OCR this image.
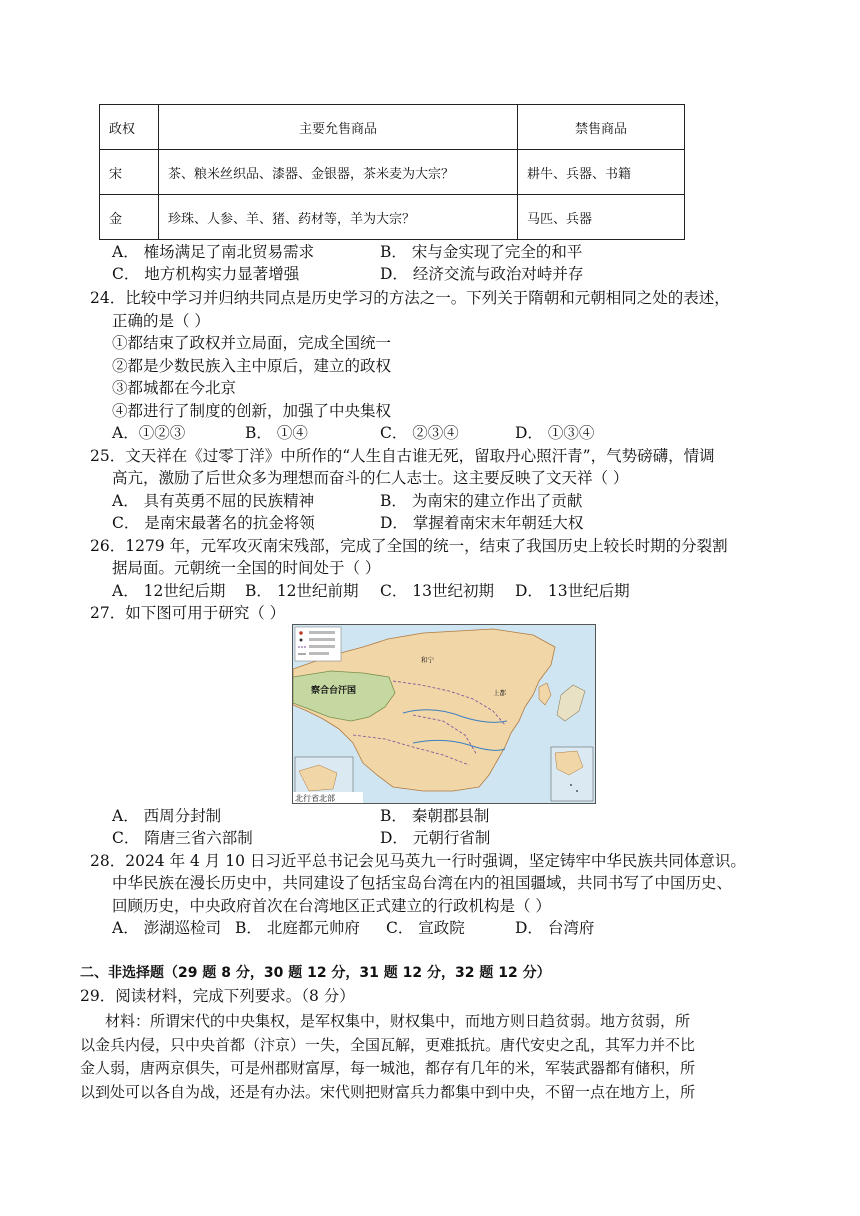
政权	主要允售商品	禁售商品
宋	茶、粮米丝织品、漆器、金银器，茶米麦为大宗？	耕牛、兵器、书籍
金	珍珠、人参、羊、猪、药材等，羊为大宗？	马匹、兵器
A． 榷场满足了南北贸易需求	B． 宋与金实现了完全的和平
C． 地方机构实力显著增强	D． 经济交流与政治对峙并存
24．比较中学习并归纳共同点是历史学习的方法之一。下列关于隋朝和元朝相同之处的表述，
正确的是（ ）
①都结束了政权并立局面，完成全国统一
②都是少数民族入主中原后，建立的政权
③都城都在今北京
④都进行了制度的创新，加强了中央集权
A．①②③	B． ①④	C． ②③④	D． ①③④
25．文天祥在《过零丁洋》中所作的“人生自古谁无死，留取丹心照汗青”，气势磅礴，情调
高亢，激励了后世众多为理想而奋斗的仁人志士。这主要反映了文天祥（ ）
A． 具有英勇不屈的民族精神	B． 为南宋的建立作出了贡献
C． 是南宋最著名的抗金将领	D． 掌握着南宋末年朝廷大权
26．1279 年，元军攻灭南宋残部，完成了全国的统一，结束了我国历史上较长时期的分裂割
据局面。元朝统一全国的时间处于（ ）
A． 12世纪后期 B． 12世纪前期 C． 13世纪初期 D． 13世纪后期
27．如下图可用于研究（ ）
察合台汗国	上都
和宁
北行省北部
A． 西周分封制	B． 秦朝郡县制
C． 隋唐三省六部制	D． 元朝行省制
28．2024 年 4 月 10 日习近平总书记会见马英九一行时强调，坚定铸牢中华民族共同体意识。
中华民族在漫长历史中，共同建设了包括宝岛台湾在内的祖国疆域，共同书写了中国历史、
回顾历史，中央政府首次在台湾地区正式建立的行政机构是（ ）
A． 澎湖巡检司 B． 北庭都元帅府 C． 宣政院	D． 台湾府
二、非选择题（29 题 8 分，30 题 12 分，31 题 12 分，32 题 12 分）
29．阅读材料，完成下列要求。（8 分）
材料：所谓宋代的中央集权，是军权集中，财权集中，而地方则日趋贫弱。地方贫弱，所
以金兵内侵，只中央首都（汴京）一失，全国瓦解，更难抵抗。唐代安史之乱，其军力并不比
金人弱，唐两京俱失，可是州郡财富厚，每一城池，都存有几年的米，军装武器都有储积，所
以到处可以各自为战，还是有办法。宋代则把财富兵力都集中到中央，不留一点在地方上，所
